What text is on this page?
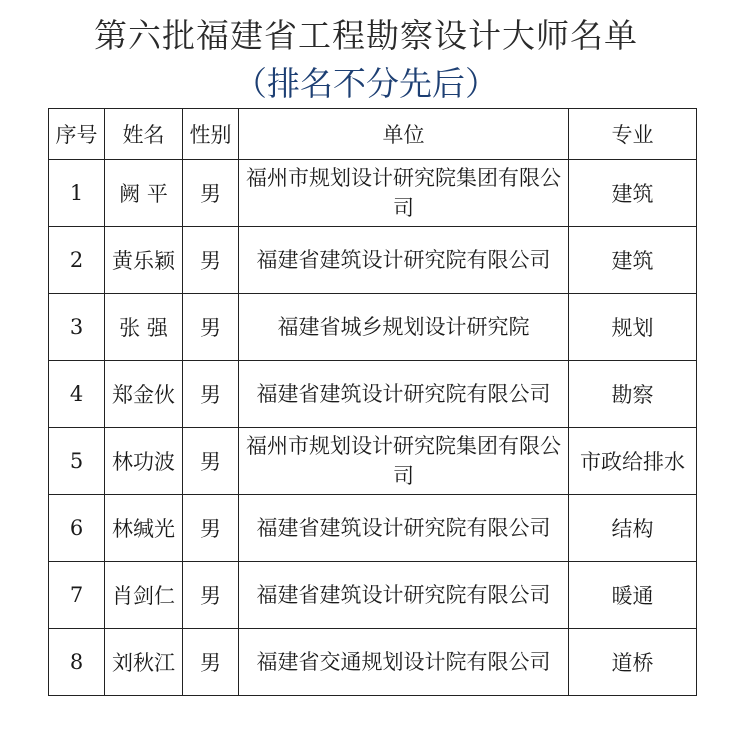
第六批福建省工程勘察设计大师名单
（排名不分先后）
序号	姓名	性别	单位	专业
1	阙 平	男	福州市规划设计研究院集团有限公司	建筑
2	黄乐颖	男	福建省建筑设计研究院有限公司	建筑
3	张 强	男	福建省城乡规划设计研究院	规划
4	郑金伙	男	福建省建筑设计研究院有限公司	勘察
5	林功波	男	福州市规划设计研究院集团有限公司	市政给排水
6	林缄光	男	福建省建筑设计研究院有限公司	结构
7	肖剑仁	男	福建省建筑设计研究院有限公司	暖通
8	刘秋江	男	福建省交通规划设计院有限公司	道桥
